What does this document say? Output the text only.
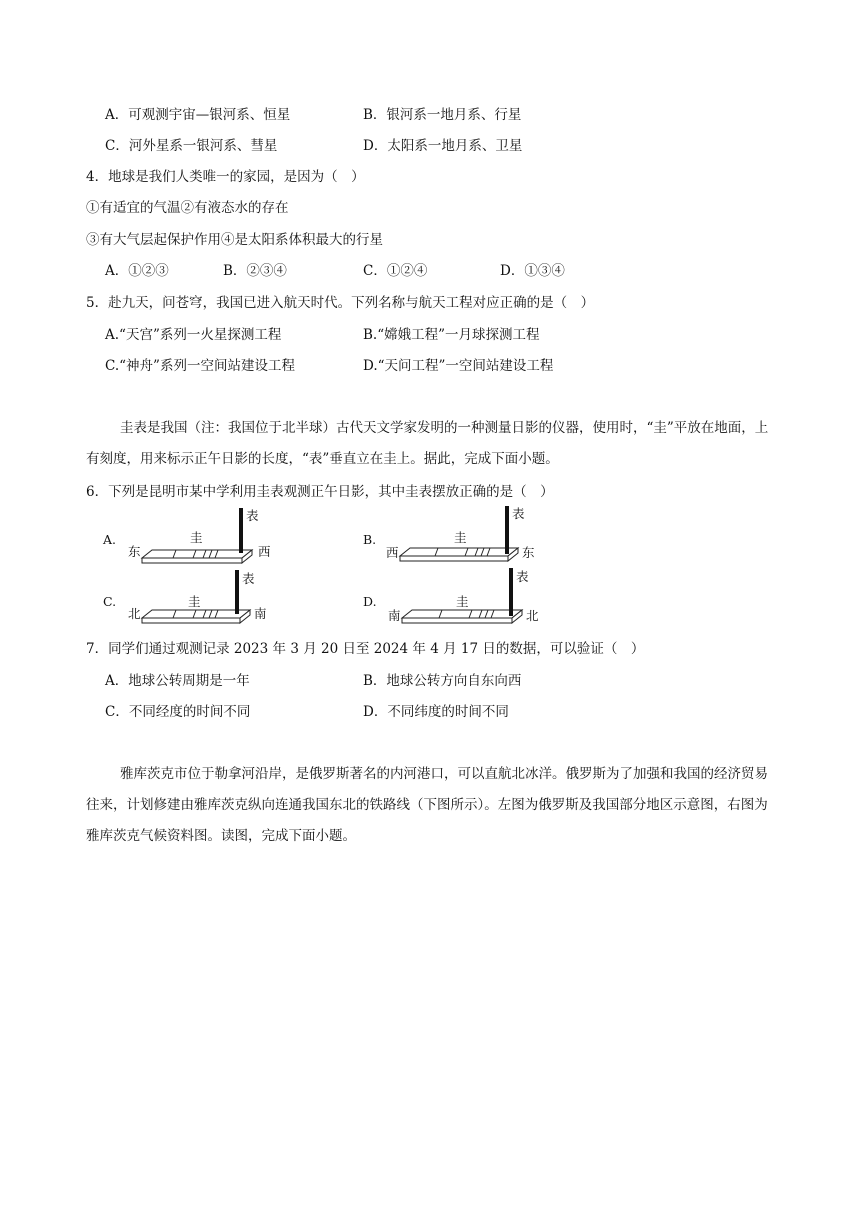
A．可观测宇宙—银河系、恒星	B．银河系一地月系、行星
C．河外星系一银河系、彗星	D．太阳系一地月系、卫星
4．地球是我们人类唯一的家园，是因为（　）
①有适宜的气温②有液态水的存在
③有大气层起保护作用④是太阳系体积最大的行星
A．①②③	B．②③④	C．①②④	D．①③④
5．赴九天，问苍穹，我国已进入航天时代。下列名称与航天工程对应正确的是（　）
A.“天宫”系列一火星探测工程	B.“嫦娥工程”一月球探测工程
C.“神舟”系列一空间站建设工程	D.“天问工程”一空间站建设工程
圭表是我国（注：我国位于北半球）古代天文学家发明的一种测量日影的仪器，使用时，“圭”平放在地面，上有刻度，用来标示正午日影的长度，“表”垂直立在圭上。据此，完成下面小题。
6．下列是昆明市某中学利用圭表观测正午日影，其中圭表摆放正确的是（　）
A.
表
圭
东	西
B.
表
圭
西	东
C.
表
圭
北	南
D.
表
圭
南	北
7．同学们通过观测记录 2023 年 3 月 20 日至 2024 年 4 月 17 日的数据，可以验证（　）
A．地球公转周期是一年	B．地球公转方向自东向西
C．不同经度的时间不同	D．不同纬度的时间不同
雅库茨克市位于勒拿河沿岸，是俄罗斯著名的内河港口，可以直航北冰洋。俄罗斯为了加强和我国的经济贸易往来，计划修建由雅库茨克纵向连通我国东北的铁路线（下图所示）。左图为俄罗斯及我国部分地区示意图，右图为雅库茨克气候资料图。读图，完成下面小题。
